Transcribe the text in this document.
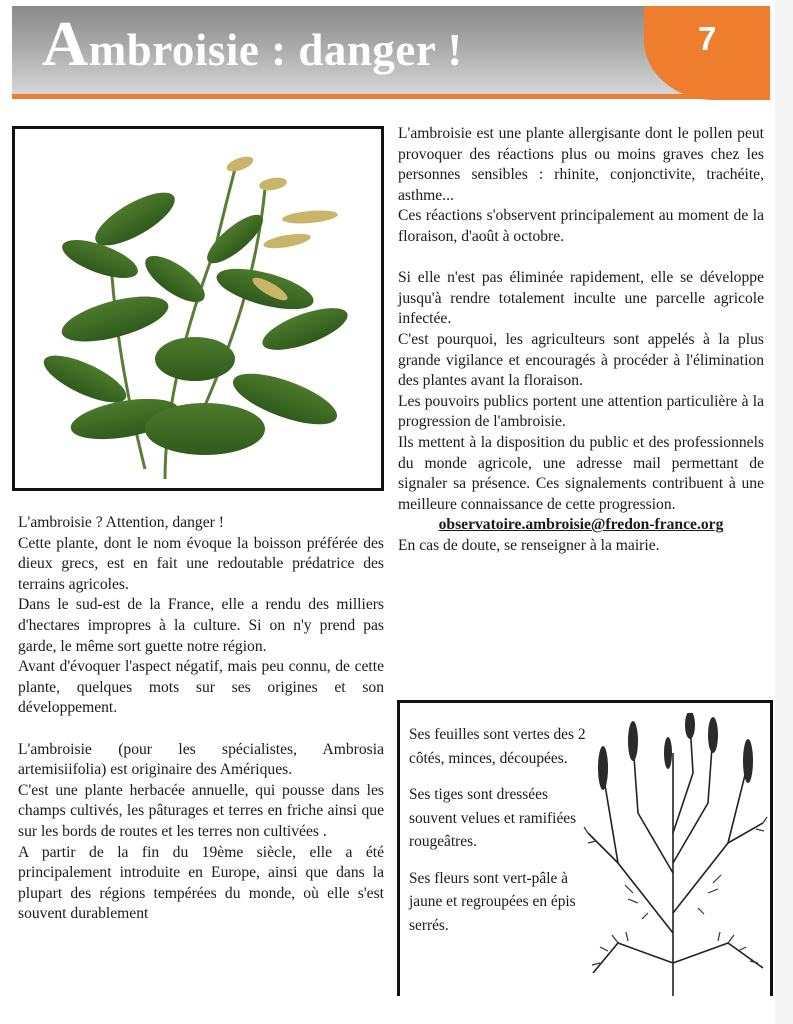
Ambroisie : danger !	7

L'ambroisie ? Attention, danger !

Cette plante, dont le nom évoque la boisson préférée des dieux grecs, est en fait une redoutable prédatrice des terrains agricoles.

Dans le sud-est de la France, elle a rendu des milliers d'hectares impropres à la culture. Si on n'y prend pas garde, le même sort guette notre région.

Avant d'évoquer l'aspect négatif, mais peu connu, de cette plante, quelques mots sur ses origines et son développement.

L'ambroisie (pour les spécialistes, Ambrosia artemisiifolia) est originaire des Amériques.

C'est une plante herbacée annuelle, qui pousse dans les champs cultivés, les pâturages et terres en friche ainsi que sur les bords de routes et les terres non cultivées .

A partir de la fin du 19ème siècle, elle a été principalement introduite en Europe, ainsi que dans la plupart des régions tempérées du monde, où elle s'est souvent durablement

L'ambroisie est une plante allergisante dont le pollen peut provoquer des réactions plus ou moins graves chez les personnes sensibles : rhinite, conjonctivite, trachéite, asthme...

Ces réactions s'observent principalement au moment de la floraison, d'août à octobre.

Si elle n'est pas éliminée rapidement, elle se développe jusqu'à rendre totalement inculte une parcelle agricole infectée.

C'est pourquoi, les agriculteurs sont appelés à la plus grande vigilance et encouragés à procéder à l'élimination des plantes avant la floraison.

Les pouvoirs publics portent une attention particulière à la progression de l'ambroisie.

Ils mettent à la disposition du public et des professionnels du monde agricole, une adresse mail permettant de signaler sa présence. Ces signalements contribuent à une meilleure connaissance de cette progression.

observatoire.ambroisie@fredon-france.org

En cas de doute, se renseigner à la mairie.

Ses feuilles sont vertes des 2 côtés, minces, découpées.

Ses tiges sont dressées souvent velues et ramifiées rougeâtres.

Ses fleurs sont vert-pâle à jaune et regroupées en épis serrés.
